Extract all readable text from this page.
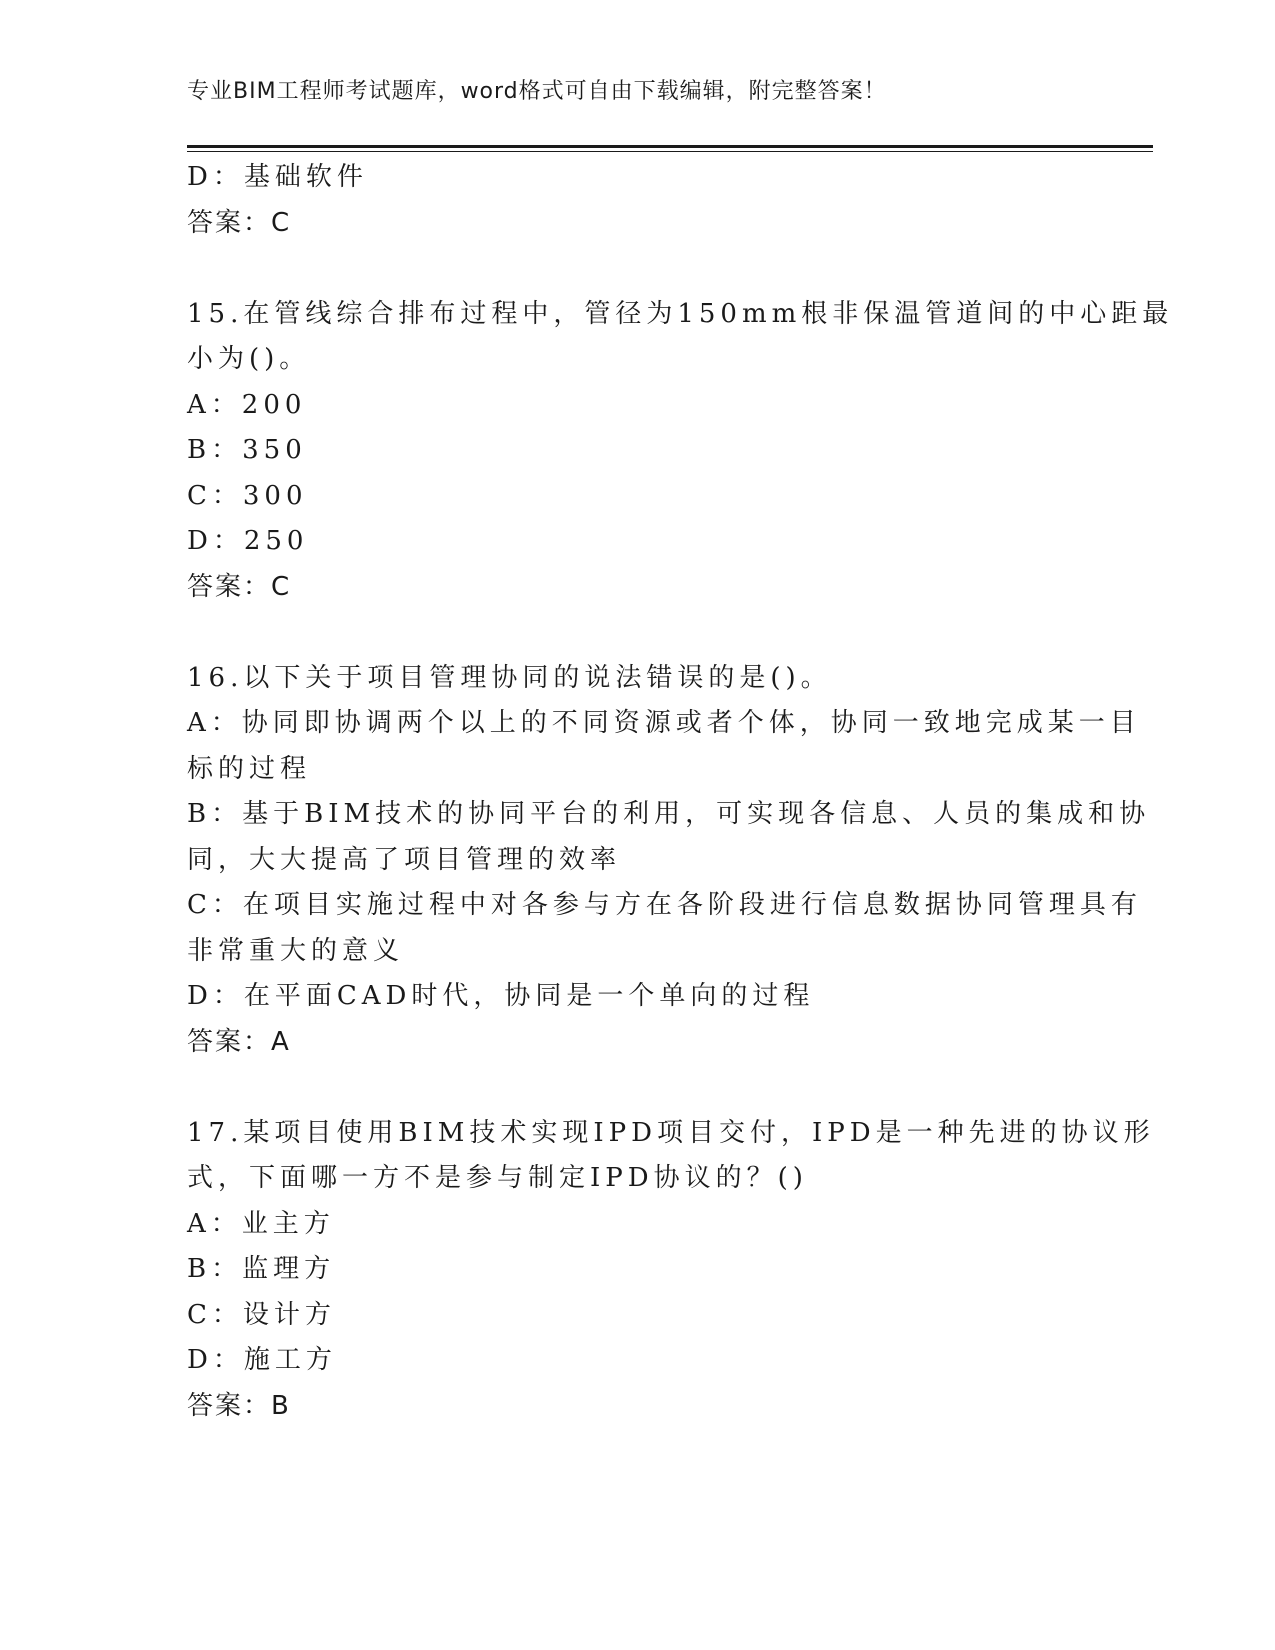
专业BIM工程师考试题库，word格式可自由下载编辑，附完整答案！
D：基础软件
答案：C
15.在管线综合排布过程中，管径为150mm根非保温管道间的中心距最
小为()。
A：200
B：350
C：300
D：250
答案：C
16.以下关于项目管理协同的说法错误的是()。
A：协同即协调两个以上的不同资源或者个体，协同一致地完成某一目
标的过程
B：基于BIM技术的协同平台的利用，可实现各信息、人员的集成和协
同，大大提高了项目管理的效率
C：在项目实施过程中对各参与方在各阶段进行信息数据协同管理具有
非常重大的意义
D：在平面CAD时代，协同是一个单向的过程
答案：A
17.某项目使用BIM技术实现IPD项目交付，IPD是一种先进的协议形
式，下面哪一方不是参与制定IPD协议的？()
A：业主方
B：监理方
C：设计方
D：施工方
答案：B
